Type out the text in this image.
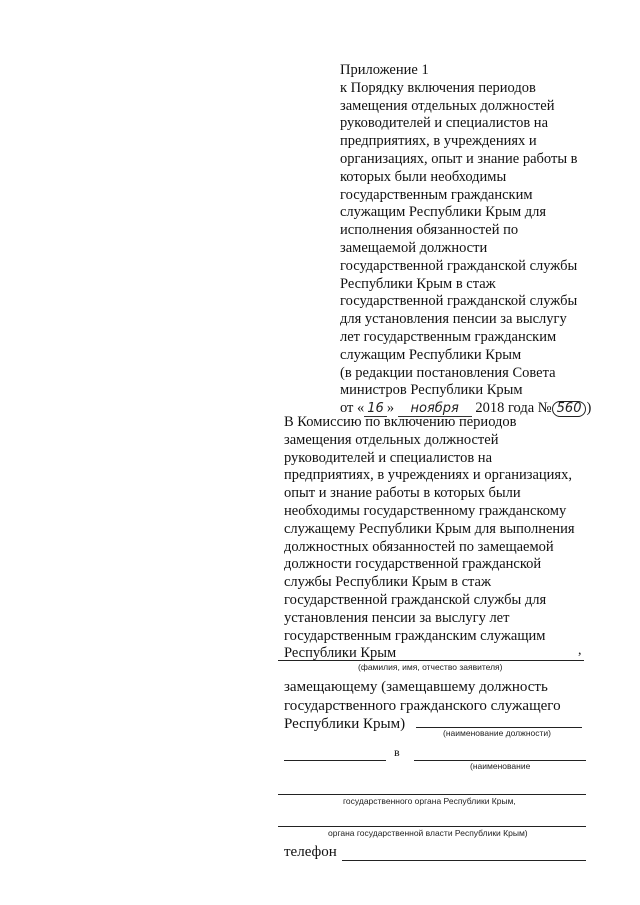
Приложение 1

к Порядку включения периодов

замещения отдельных должностей

руководителей и специалистов на

предприятиях, в учреждениях и

организациях, опыт и знание работы в

которых были необходимы

государственным гражданским

служащим Республики Крым для

исполнения обязанностей по

замещаемой должности

государственной гражданской службы

Республики Крым в стаж

государственной гражданской службы

для установления пенсии за выслугу

лет государственным гражданским

служащим Республики Крым

(в редакции постановления Совета

министров Республики Крым

от « 16 » ноября 2018 года № 560 )

В Комиссию по включению периодов

замещения отдельных должностей

руководителей и специалистов на

предприятиях, в учреждениях и организациях,

опыт и знание работы в которых были

необходимы государственному гражданскому

служащему Республики Крым для выполнения

должностных обязанностей по замещаемой

должности государственной гражданской

службы Республики Крым в стаж

государственной гражданской службы для

установления пенсии за выслугу лет

государственным гражданским служащим

Республики Крым	,
(фамилия, имя, отчество заявителя)

замещающему (замещавшему должность

государственного гражданского служащего

Республики Крым)

(наименование должности)
в
(наименование
государственного органа Республики Крым,
органа государственной власти Республики Крым)
телефон
